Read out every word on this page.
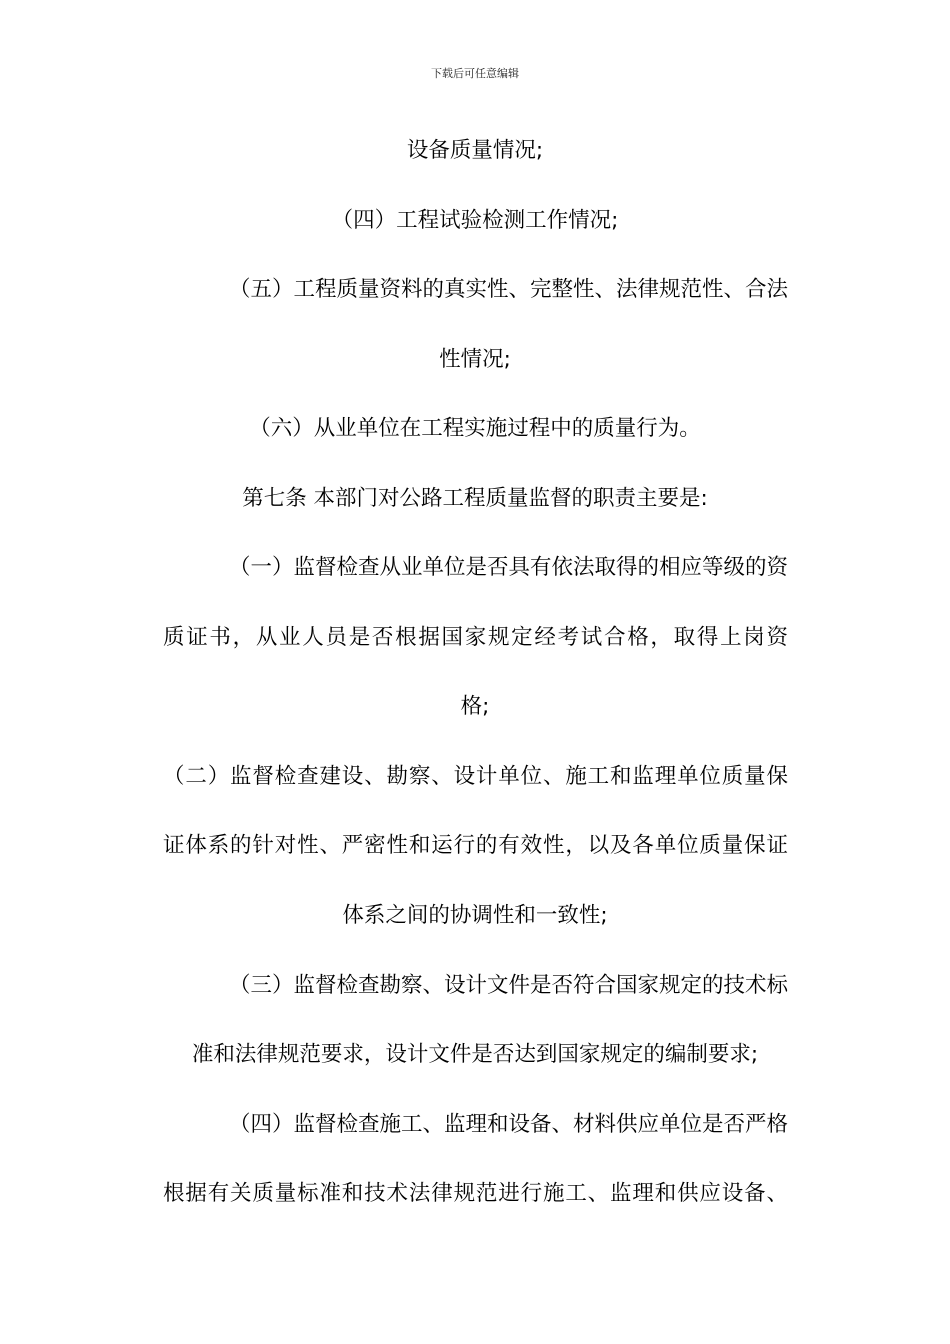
下载后可任意编辑
设备质量情况;
（四）工程试验检测工作情况;
（五）工程质量资料的真实性、完整性、法律规范性、合法
性情况;
（六）从业单位在工程实施过程中的质量行为。
第七条 本部门对公路工程质量监督的职责主要是:
（一）监督检查从业单位是否具有依法取得的相应等级的资
质证书，从业人员是否根据国家规定经考试合格，取得上岗资
格;
（二）监督检查建设、勘察、设计单位、施工和监理单位质量保
证体系的针对性、严密性和运行的有效性，以及各单位质量保证
体系之间的协调性和一致性;
（三）监督检查勘察、设计文件是否符合国家规定的技术标
准和法律规范要求，设计文件是否达到国家规定的编制要求;
（四）监督检查施工、监理和设备、材料供应单位是否严格
根据有关质量标准和技术法律规范进行施工、监理和供应设备、
